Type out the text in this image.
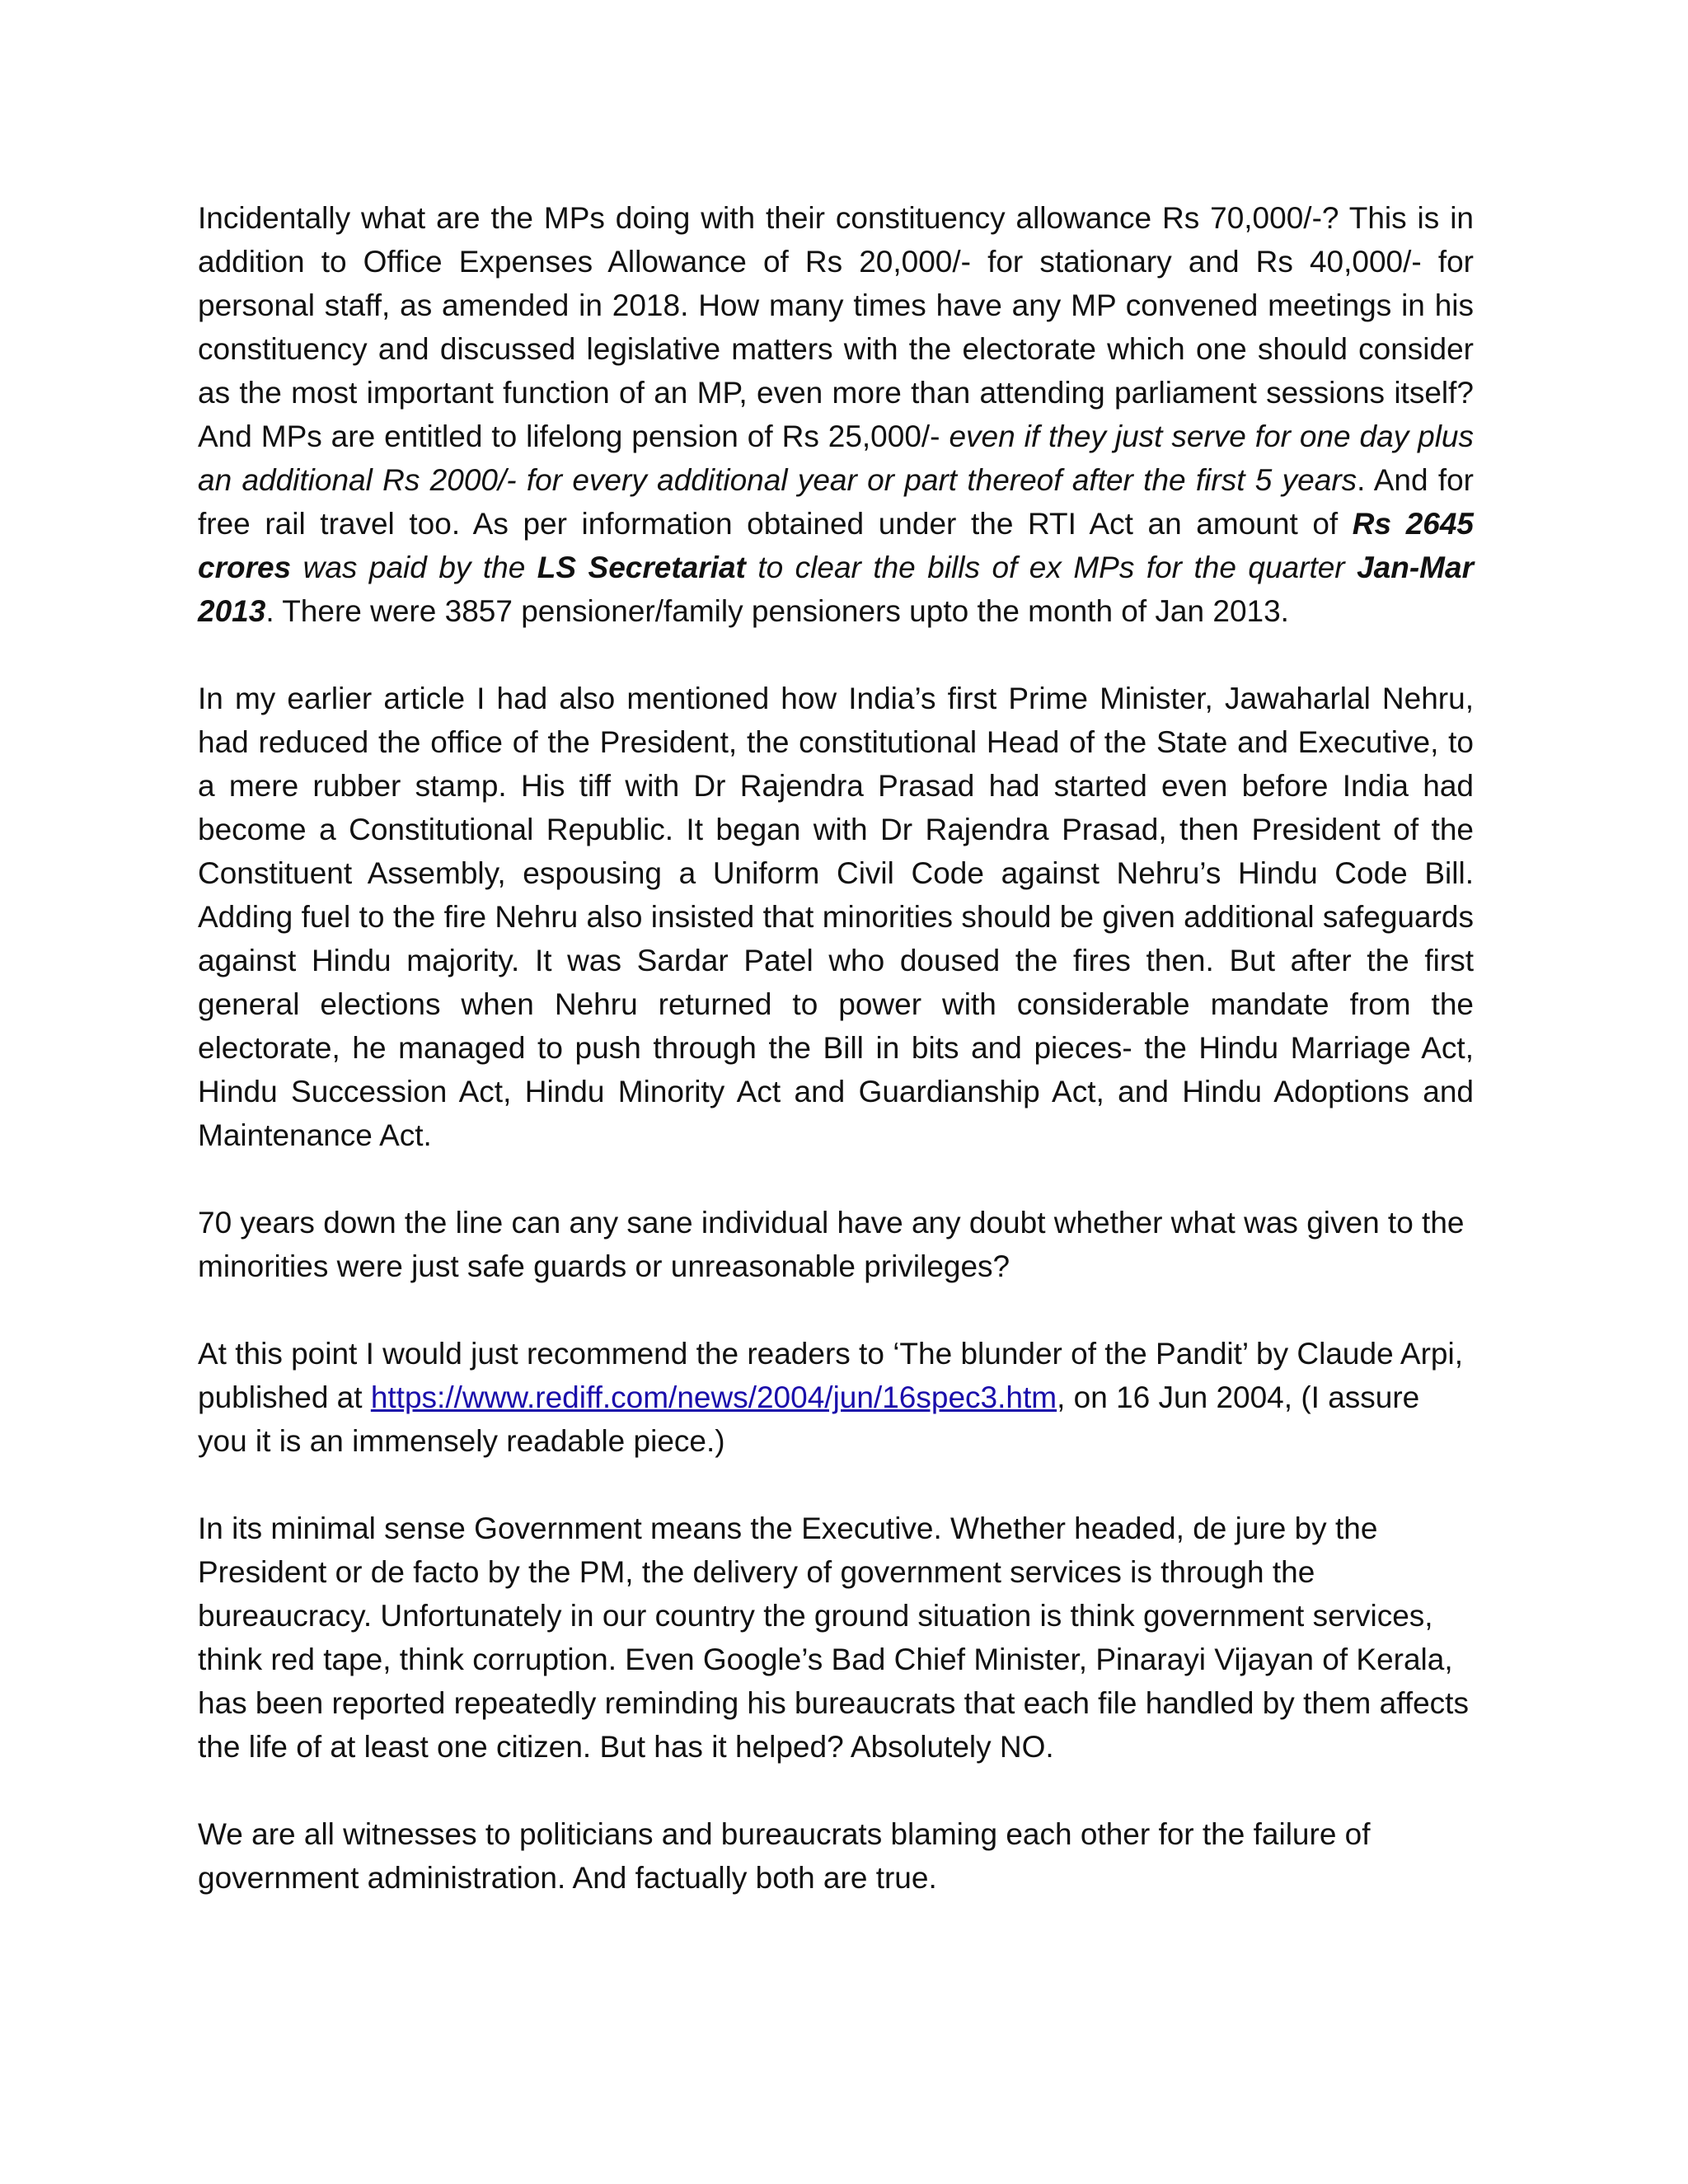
Incidentally what are the MPs doing with their constituency allowance Rs 70,000/-? This is in addition to Office Expenses Allowance of Rs 20,000/- for stationary and Rs 40,000/- for personal staff, as amended in 2018. How many times have any MP convened meetings in his constituency and discussed legislative matters with the electorate which one should consider as the most important function of an MP, even more than attending parliament sessions itself? And MPs are entitled to lifelong pension of Rs 25,000/- even if they just serve for one day plus an additional Rs 2000/- for every additional year or part thereof after the first 5 years. And for free rail travel too. As per information obtained under the RTI Act an amount of Rs 2645 crores was paid by the LS Secretariat to clear the bills of ex MPs for the quarter Jan-Mar 2013. There were 3857 pensioner/family pensioners upto the month of Jan 2013.

In my earlier article I had also mentioned how India’s first Prime Minister, Jawaharlal Nehru, had reduced the office of the President, the constitutional Head of the State and Executive, to a mere rubber stamp. His tiff with Dr Rajendra Prasad had started even before India had become a Constitutional Republic. It began with Dr Rajendra Prasad, then President of the Constituent Assembly, espousing a Uniform Civil Code against Nehru’s Hindu Code Bill. Adding fuel to the fire Nehru also insisted that minorities should be given additional safeguards against Hindu majority. It was Sardar Patel who doused the fires then. But after the first general elections when Nehru returned to power with considerable mandate from the electorate, he managed to push through the Bill in bits and pieces- the Hindu Marriage Act, Hindu Succession Act, Hindu Minority Act and Guardianship Act, and Hindu Adoptions and Maintenance Act.

70 years down the line can any sane individual have any doubt whether what was given to the minorities were just safe guards or unreasonable privileges?

At this point I would just recommend the readers to ‘The blunder of the Pandit’ by Claude Arpi, published at https://www.rediff.com/news/2004/jun/16spec3.htm, on 16 Jun 2004, (I assure you it is an immensely readable piece.)

In its minimal sense Government means the Executive. Whether headed, de jure by the President or de facto by the PM, the delivery of government services is through the bureaucracy. Unfortunately in our country the ground situation is think government services, think red tape, think corruption. Even Google’s Bad Chief Minister, Pinarayi Vijayan of Kerala, has been reported repeatedly reminding his bureaucrats that each file handled by them affects the life of at least one citizen. But has it helped? Absolutely NO.

We are all witnesses to politicians and bureaucrats blaming each other for the failure of government administration. And factually both are true.
